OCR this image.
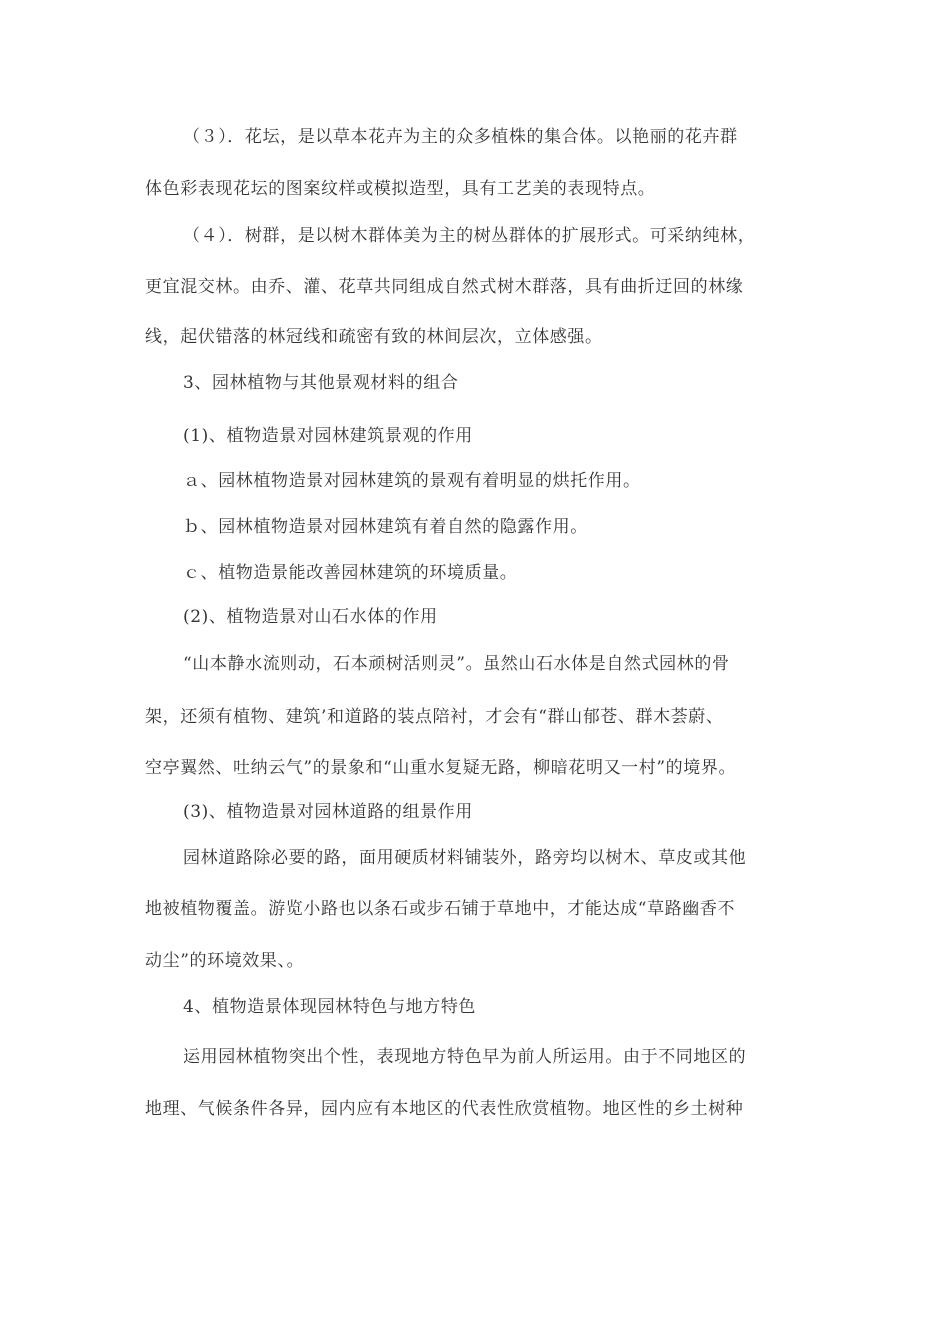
（３）．花坛，是以草本花卉为主的众多植株的集合体。以艳丽的花卉群

体色彩表现花坛的图案纹样或模拟造型，具有工艺美的表现特点。

（４）．树群，是以树木群体美为主的树丛群体的扩展形式。可采纳纯林，

更宜混交林。由乔、灌、花草共同组成自然式树木群落，具有曲折迂回的林缘

线，起伏错落的林冠线和疏密有致的林间层次，立体感强。

3、园林植物与其他景观材料的组合

(1)、植物造景对园林建筑景观的作用

ａ、园林植物造景对园林建筑的景观有着明显的烘托作用。

ｂ、园林植物造景对园林建筑有着自然的隐露作用。

ｃ、植物造景能改善园林建筑的环境质量。

(2)、植物造景对山石水体的作用

“山本静水流则动，石本顽树活则灵”。虽然山石水体是自然式园林的骨

架，还须有植物、建筑’和道路的装点陪衬，才会有“群山郁苍、群木荟蔚、

空亭翼然、吐纳云气”的景象和“山重水复疑无路，柳暗花明又一村”的境界。

(3)、植物造景对园林道路的组景作用

园林道路除必要的路，面用硬质材料铺装外，路旁均以树木、草皮或其他

地被植物覆盖。游览小路也以条石或步石铺于草地中，才能达成“草路幽香不

动尘”的环境效果、。

4、植物造景体现园林特色与地方特色

运用园林植物突出个性，表现地方特色早为前人所运用。由于不同地区的

地理、气候条件各异，园内应有本地区的代表性欣赏植物。地区性的乡土树种
